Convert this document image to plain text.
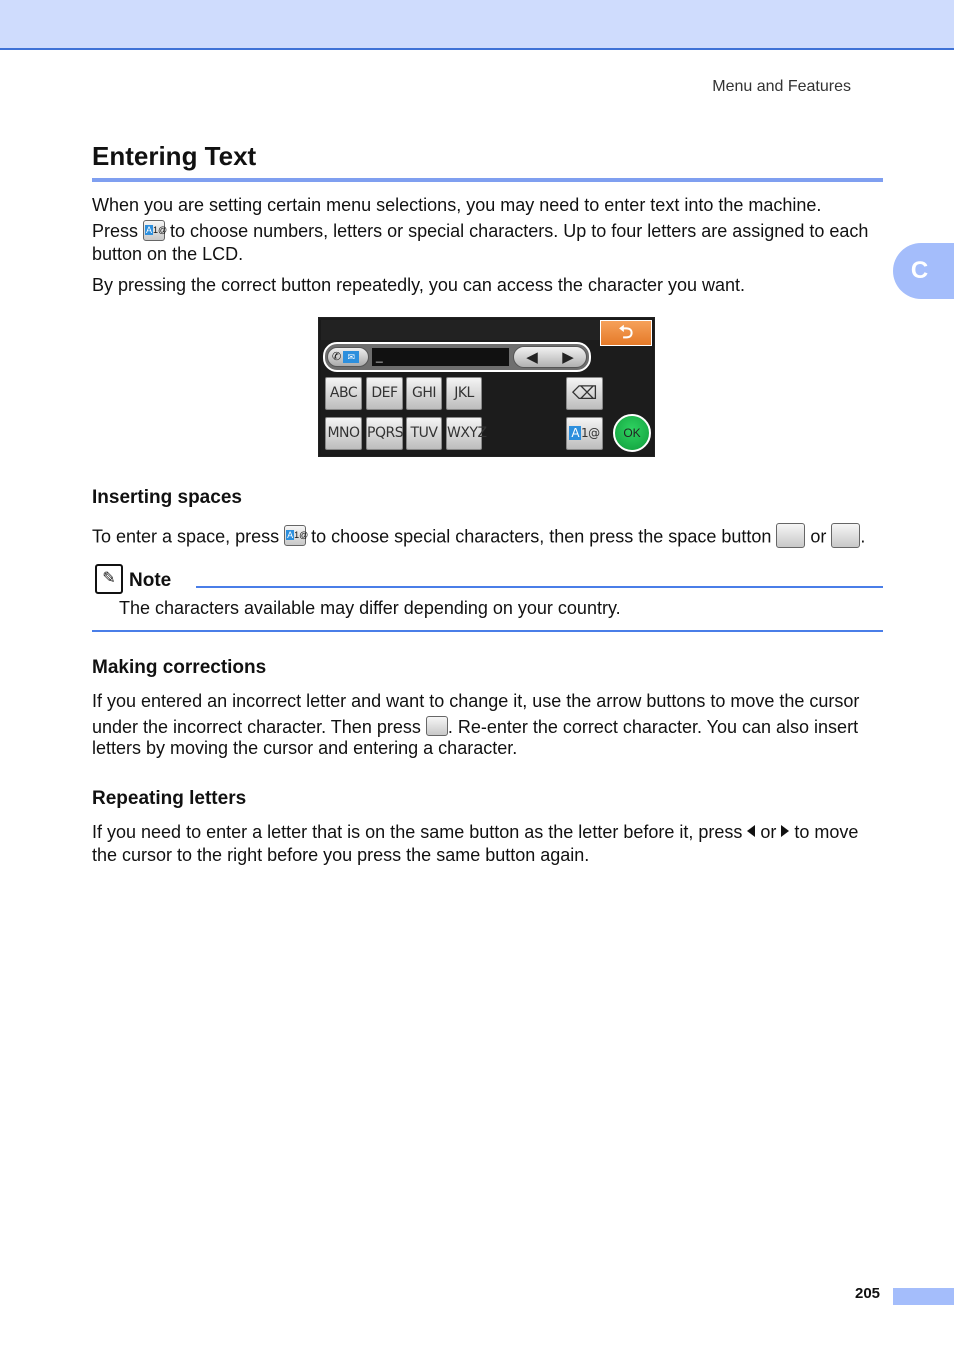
Menu and Features
C
Entering Text

When you are setting certain menu selections, you may need to enter text into the machine.

Press A1@ to choose numbers, letters or special characters. Up to four letters are assigned to each button on the LCD.

By pressing the correct button repeatedly, you can access the character you want.

⮌
✆ ✉	_	◀ ▶
ABC	DEF	GHI	JKL	⌫
MNO PQRS TUV WXYZ	A 1@	OK
Inserting spaces

To enter a space, press A1@ to choose special characters, then press the space button  or .

✎ Note

The characters available may differ depending on your country.

Making corrections

If you entered an incorrect letter and want to change it, use the arrow buttons to move the cursor

under the incorrect character. Then press . Re-enter the correct character. You can also insert

letters by moving the cursor and entering a character.

Repeating letters

If you need to enter a letter that is on the same button as the letter before it, press  or  to move the cursor to the right before you press the same button again.

205
